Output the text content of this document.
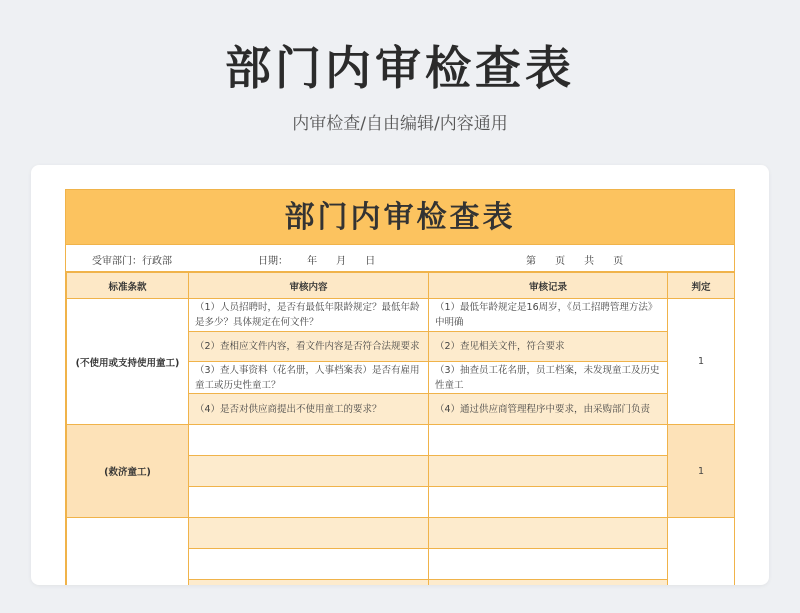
部门内审检查表
内审检查/自由编辑/内容通用
部门内审检查表
受审部门：行政部	日期：      年      月      日	第      页      共      页
标准条款	审核内容	审核记录	判定
(不使用或支持使用童工)	（1）人员招聘时，是否有最低年限龄规定？最低年龄是多少？具体规定在何文件？	（1）最低年龄规定是16周岁，《员工招聘管理方法》中明确	1
	（2）查相应文件内容，看文件内容是否符合法规要求	（2）查见相关文件，符合要求	
	（3）查人事资料（花名册，人事档案表）是否有雇用童工或历史性童工？	（3）抽查员工花名册，员工档案，未发现童工及历史性童工	
	（4）是否对供应商提出不使用童工的要求？	（4）通过供应商管理程序中要求，由采购部门负责	
(救济童工)			1
